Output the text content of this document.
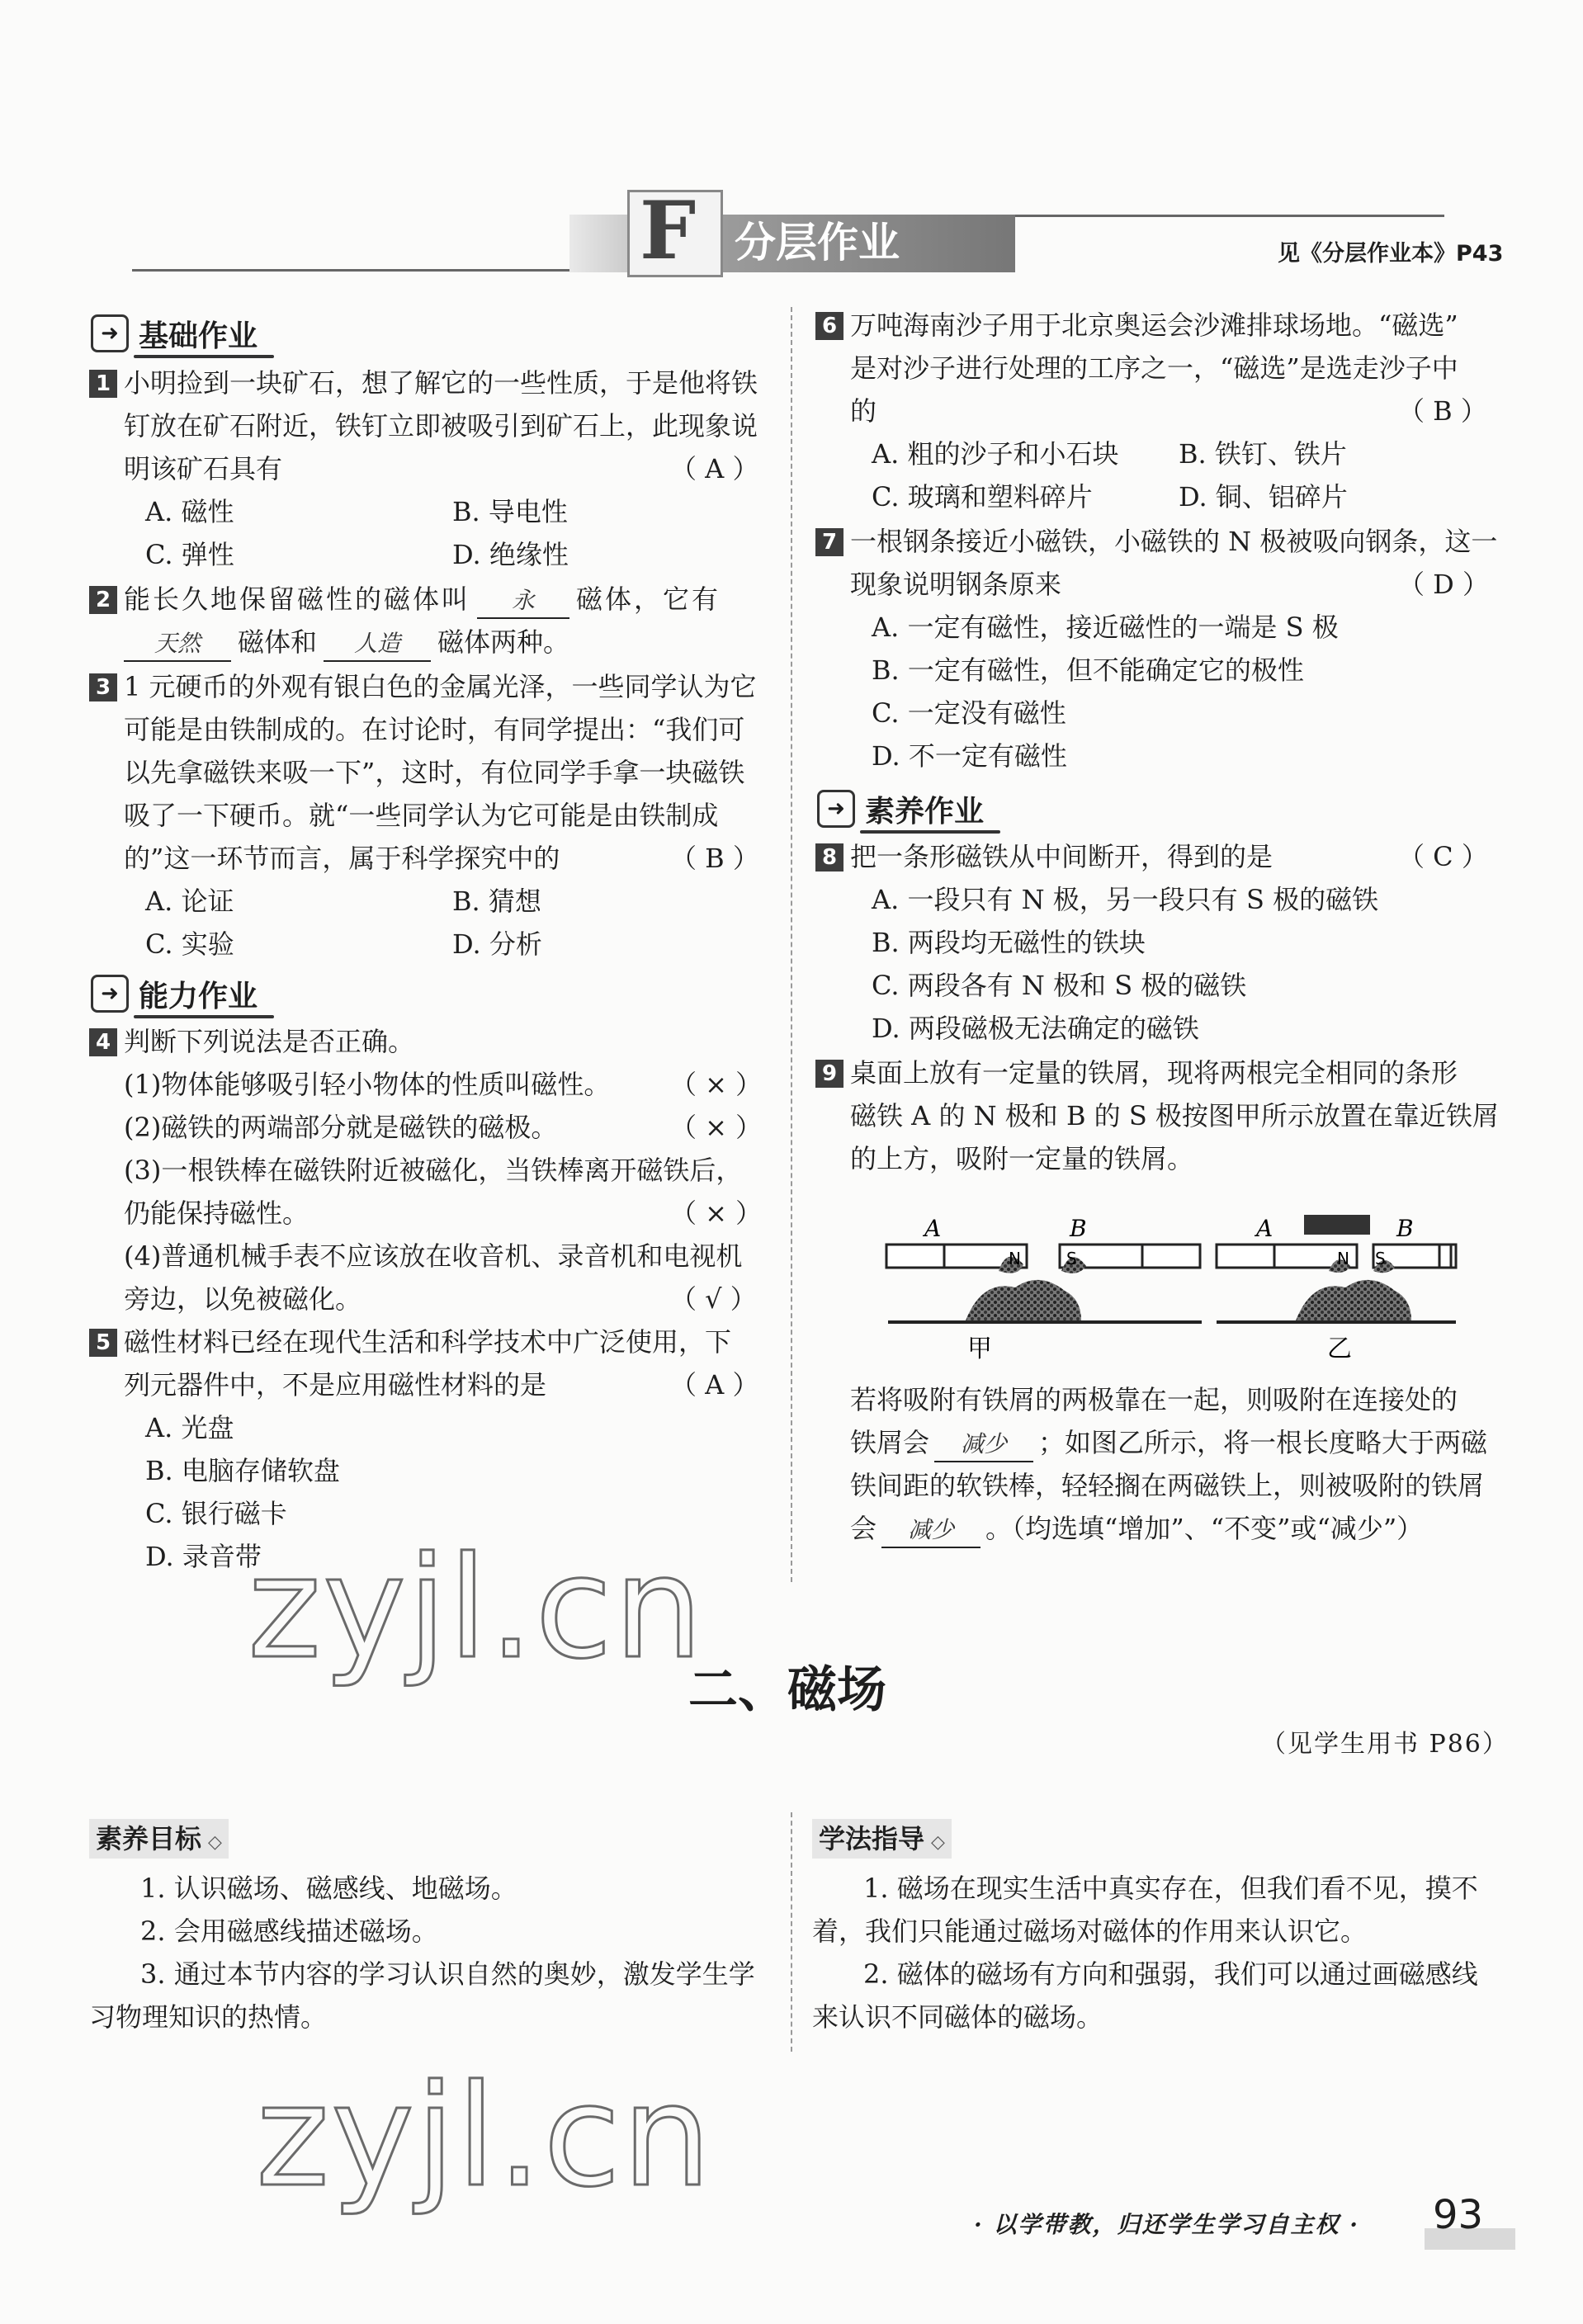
F 分层作业	见《分层作业本》P43
➜ 基础作业
1 小明捡到一块矿石，想了解它的一些性质，于是他将铁
钉放在矿石附近，铁钉立即被吸引到矿石上，此现象说
明该矿石具有	（ A ）
A. 磁性	B. 导电性
C. 弹性	D. 绝缘性
2 能长久地保留磁性的磁体叫 永 磁体，它有
天然 磁体和 人造 磁体两种。
3 1 元硬币的外观有银白色的金属光泽，一些同学认为它
可能是由铁制成的。在讨论时，有同学提出：“我们可
以先拿磁铁来吸一下”，这时，有位同学手拿一块磁铁
吸了一下硬币。就“一些同学认为它可能是由铁制成
的”这一环节而言，属于科学探究中的	（ B ）
A. 论证	B. 猜想
C. 实验	D. 分析
➜ 能力作业
4 判断下列说法是否正确。
(1)物体能够吸引轻小物体的性质叫磁性。 （ × ）
(2)磁铁的两端部分就是磁铁的磁极。	（ × ）
(3)一根铁棒在磁铁附近被磁化，当铁棒离开磁铁后，
仍能保持磁性。	（ × ）
(4)普通机械手表不应该放在收音机、录音机和电视机
旁边，以免被磁化。	（ √ ）
5 磁性材料已经在现代生活和科学技术中广泛使用，下
列元器件中，不是应用磁性材料的是	（ A ）
A. 光盘
B. 电脑存储软盘
C. 银行磁卡
D. 录音带
6 万吨海南沙子用于北京奥运会沙滩排球场地。“磁选”
是对沙子进行处理的工序之一，“磁选”是选走沙子中
的	（ B ）
A. 粗的沙子和小石块 B. 铁钉、铁片
C. 玻璃和塑料碎片	D. 铜、铝碎片
7 一根钢条接近小磁铁，小磁铁的 N 极被吸向钢条，这一
现象说明钢条原来	（ D ）
A. 一定有磁性，接近磁性的一端是 S 极
B. 一定有磁性，但不能确定它的极性
C. 一定没有磁性
D. 不一定有磁性
➜ 素养作业
8 把一条形磁铁从中间断开，得到的是	（ C ）
A. 一段只有 N 极，另一段只有 S 极的磁铁
B. 两段均无磁性的铁块
C. 两段各有 N 极和 S 极的磁铁
D. 两段磁极无法确定的磁铁
9 桌面上放有一定量的铁屑，现将两根完全相同的条形
磁铁 A 的 N 极和 B 的 S 极按图甲所示放置在靠近铁屑
的上方，吸附一定量的铁屑。
A	B
N	S
甲
A	B
N S
乙
若将吸附有铁屑的两极靠在一起，则吸附在连接处的
铁屑会 减少 ；如图乙所示，将一根长度略大于两磁
铁间距的软铁棒，轻轻搁在两磁铁上，则被吸附的铁屑
会 减少 。（均选填“增加”、“不变”或“减少”）
zyjl.cn
二、磁场
（见学生用书 P86）
素养目标 ◇
1. 认识磁场、磁感线、地磁场。
2. 会用磁感线描述磁场。
3. 通过本节内容的学习认识自然的奥妙，激发学生学
习物理知识的热情。
学法指导 ◇
1. 磁场在现实生活中真实存在，但我们看不见，摸不
着，我们只能通过磁场对磁体的作用来认识它。
2. 磁体的磁场有方向和强弱，我们可以通过画磁感线
来认识不同磁体的磁场。
zyjl.cn
· 以学带教，归还学生学习自主权 · 93
